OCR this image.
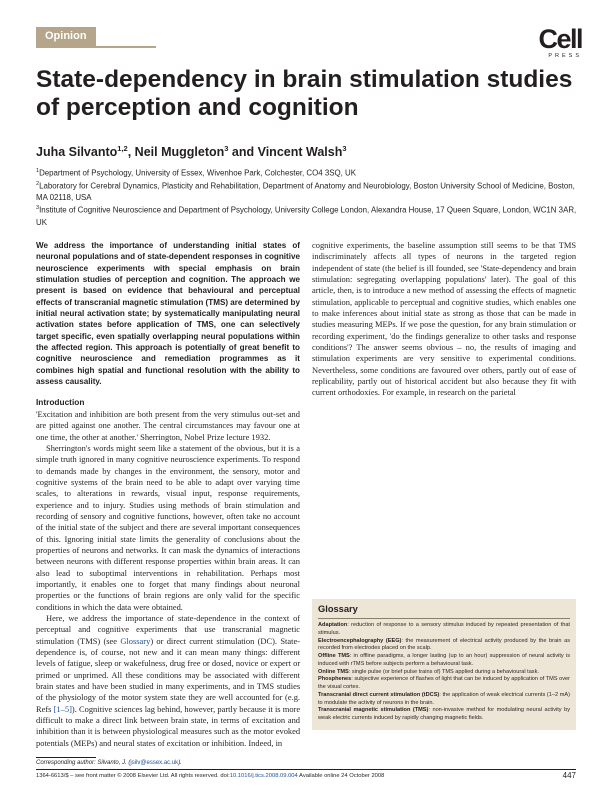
Opinion	Cell
PRESS
State-dependency in brain stimulation studies of perception and cognition
Juha Silvanto$^{1,2}$, Neil Muggleton$^3$ and Vincent Walsh$^3$
$^1$Department of Psychology, University of Essex, Wivenhoe Park, Colchester, CO4 3SQ, UK
$^2$Laboratory for Cerebral Dynamics, Plasticity and Rehabilitation, Department of Anatomy and Neurobiology, Boston University School of Medicine, Boston, MA 02118, USA
$^3$Institute of Cognitive Neuroscience and Department of Psychology, University College London, Alexandra House, 17 Queen Square, London, WC1N 3AR, UK

We address the importance of understanding initial states of neuronal populations and of state-dependent responses in cognitive neuroscience experiments with special emphasis on brain stimulation studies of perception and cognition. The approach we present is based on evidence that behavioural and perceptual effects of transcranial magnetic stimulation (TMS) are determined by initial neural activation state; by systematically manipulating neural activation states before application of TMS, one can selectively target specific, even spatially overlapping neural populations within the affected region. This approach is potentially of great benefit to cognitive neuroscience and remediation programmes as it combines high spatial and functional resolution with the ability to assess causality.

Introduction

'Excitation and inhibition are both present from the very stimulus out-set and are pitted against one another. The central circumstances may favour one at one time, the other at another.' Sherrington, Nobel Prize lecture 1932.

Sherrington's words might seem like a statement of the obvious, but it is a simple truth ignored in many cognitive neuroscience experiments. To respond to demands made by changes in the environment, the sensory, motor and cognitive systems of the brain need to be able to adapt over varying time scales, to alterations in rewards, visual input, response requirements, experience and to injury. Studies using methods of brain stimulation and recording of sensory and cognitive functions, however, often take no account of the initial state of the subject and there are several important consequences of this. Ignoring initial state limits the generality of conclusions about the properties of neurons and networks. It can mask the dynamics of interactions between neurons with different response properties within brain areas. It can also lead to suboptimal interventions in rehabilitation. Perhaps most importantly, it enables one to forget that many findings about neuronal properties or the functions of brain regions are only valid for the specific conditions in which the data were obtained.

Here, we address the importance of state-dependence in the context of perceptual and cognitive experiments that use transcranial magnetic stimulation (TMS) (see Glossary) or direct current stimulation (DC). State-dependence is, of course, not new and it can mean many things: different levels of fatigue, sleep or wakefulness, drug free or dosed, novice or expert or primed or unprimed. All these conditions may be associated with different brain states and have been studied in many experiments, and in TMS studies of the physiology of the motor system state they are well accounted for (e.g. Refs [1–5]). Cognitive sciences lag behind, however, partly because it is more difficult to make a direct link between brain state, in terms of excitation and inhibition than it is between physiological measures such as the motor evoked potentials (MEPs) and neural states of excitation or inhibition. Indeed, in

Glossary
Adaptation: reduction of response to a sensory stimulus induced by repeated presentation of that stimulus.
Electroencephalography (EEG): the measurement of electrical activity produced by the brain as recorded from electrodes placed on the scalp.
Offline TMS: in offline paradigms, a longer lasting (up to an hour) suppression of neural activity is induced with rTMS before subjects perform a behavioural task.
Online TMS: single pulse (or brief pulse trains of) TMS applied during a behavioural task.
Phosphenes: subjective experience of flashes of light that can be induced by application of TMS over the visual cortex.
Transcranial direct current stimulation (tDCS): the application of weak electrical currents (1–2 mA) to modulate the activity of neurons in the brain.
Transcranial magnetic stimulation (TMS): non-invasive method for modulating neural activity by weak electric currents induced by rapidly changing magnetic fields.
Corresponding author: Silvanto, J. (jsilv@essex.ac.uk).
1364-6613/$ – see front matter © 2008 Elsevier Ltd. All rights reserved. doi:10.1016/j.tics.2008.09.004 Available online 24 October 2008	447

cognitive experiments, the baseline assumption still seems to be that TMS indiscriminately affects all types of neurons in the targeted region independent of state (the belief is ill founded, see 'State-dependency and brain stimulation: segregating overlapping populations' later). The goal of this article, then, is to introduce a new method of assessing the effects of magnetic stimulation, applicable to perceptual and cognitive studies, which enables one to make inferences about initial state as strong as those that can be made in studies measuring MEPs. If we pose the question, for any brain stimulation or recording experiment, 'do the findings generalize to other tasks and response conditions'? The answer seems obvious – no, the results of imaging and stimulation experiments are very sensitive to experimental conditions. Nevertheless, some conditions are favoured over others, partly out of ease of replicability, partly out of historical accident but also because they fit with current orthodoxies. For example, in research on the parietal
